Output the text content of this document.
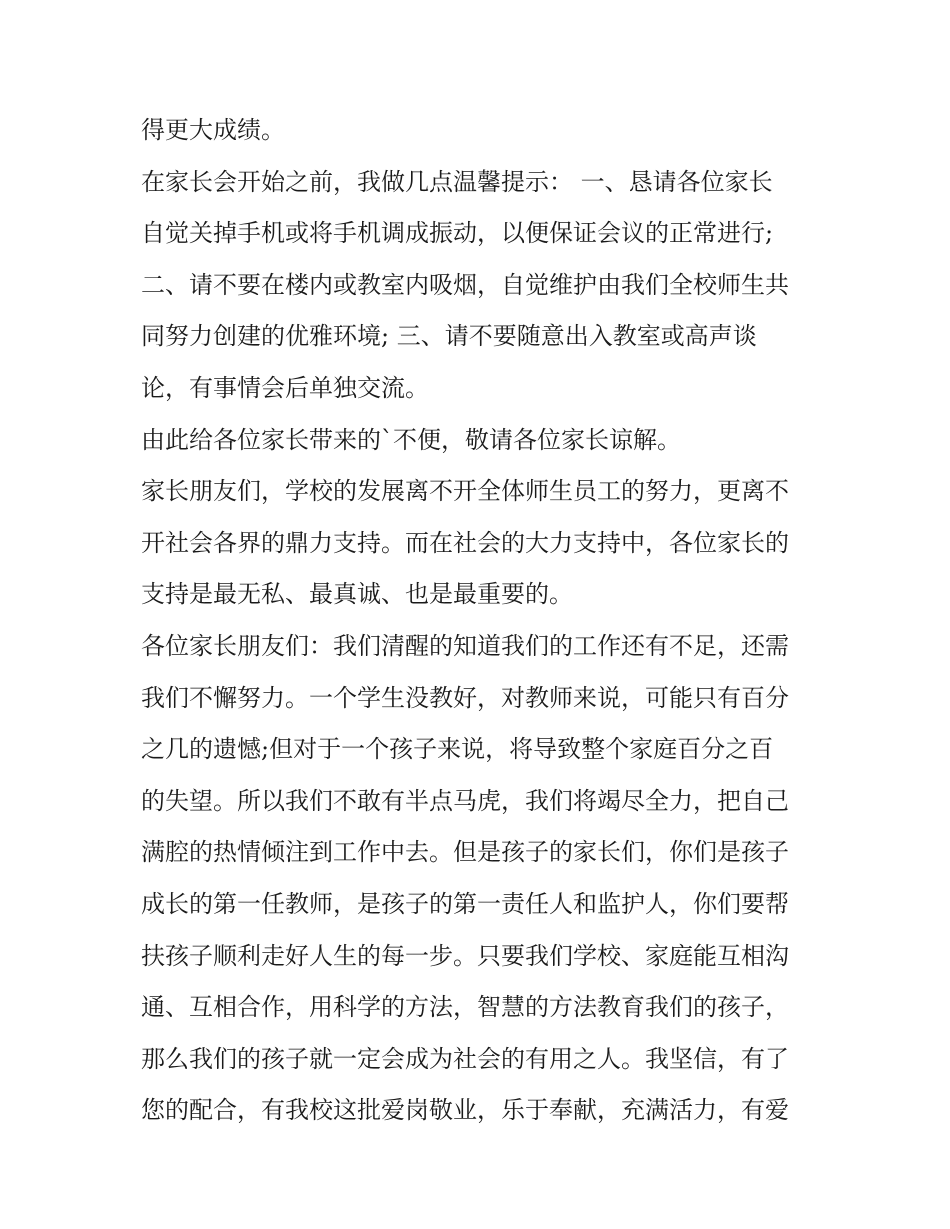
得更大成绩。
在家长会开始之前，我做几点温馨提示： 一、恳请各位家长
自觉关掉手机或将手机调成振动，以便保证会议的正常进行;
二、请不要在楼内或教室内吸烟，自觉维护由我们全校师生共
同努力创建的优雅环境; 三、请不要随意出入教室或高声谈
论，有事情会后单独交流。
由此给各位家长带来的`不便，敬请各位家长谅解。
家长朋友们，学校的发展离不开全体师生员工的努力，更离不
开社会各界的鼎力支持。而在社会的大力支持中，各位家长的
支持是最无私、最真诚、也是最重要的。
各位家长朋友们：我们清醒的知道我们的工作还有不足，还需
我们不懈努力。一个学生没教好，对教师来说，可能只有百分
之几的遗憾;但对于一个孩子来说，将导致整个家庭百分之百
的失望。所以我们不敢有半点马虎，我们将竭尽全力，把自己
满腔的热情倾注到工作中去。但是孩子的家长们，你们是孩子
成长的第一任教师，是孩子的第一责任人和监护人，你们要帮
扶孩子顺利走好人生的每一步。只要我们学校、家庭能互相沟
通、互相合作，用科学的方法，智慧的方法教育我们的孩子，
那么我们的孩子就一定会成为社会的有用之人。我坚信，有了
您的配合，有我校这批爱岗敬业，乐于奉献，充满活力，有爱
